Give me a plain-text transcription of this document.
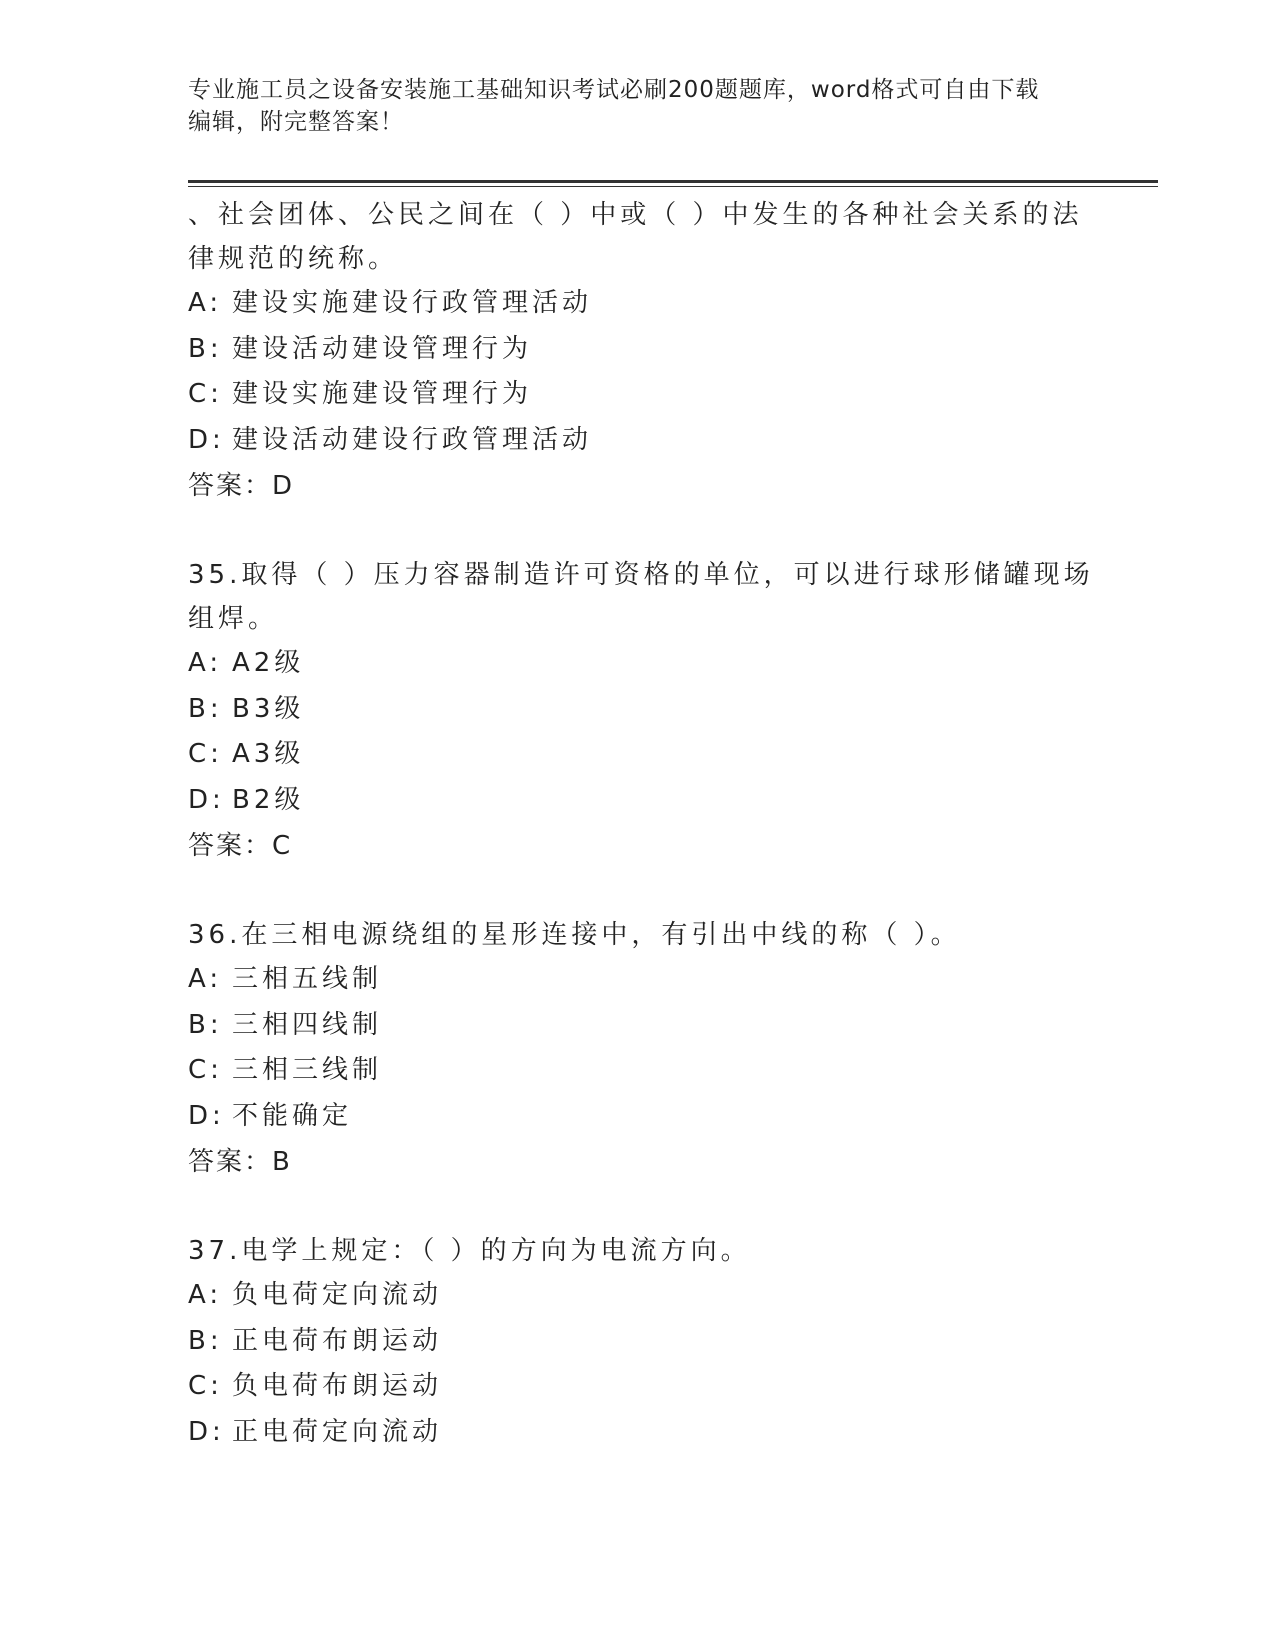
专业施工员之设备安装施工基础知识考试必刷200题题库，word格式可自由下载
编辑，附完整答案！
、社会团体、公民之间在（ ）中或（ ）中发生的各种社会关系的法
律规范的统称。
A: 建设实施建设行政管理活动
B: 建设活动建设管理行为
C: 建设实施建设管理行为
D: 建设活动建设行政管理活动
答案：D
35.取得（ ）压力容器制造许可资格的单位，可以进行球形储罐现场
组焊。
A: A2级
B: B3级
C: A3级
D: B2级
答案：C
36.在三相电源绕组的星形连接中，有引出中线的称（ ）。
A: 三相五线制
B: 三相四线制
C: 三相三线制
D: 不能确定
答案：B
37.电学上规定：（ ）的方向为电流方向。
A: 负电荷定向流动
B: 正电荷布朗运动
C: 负电荷布朗运动
D: 正电荷定向流动
